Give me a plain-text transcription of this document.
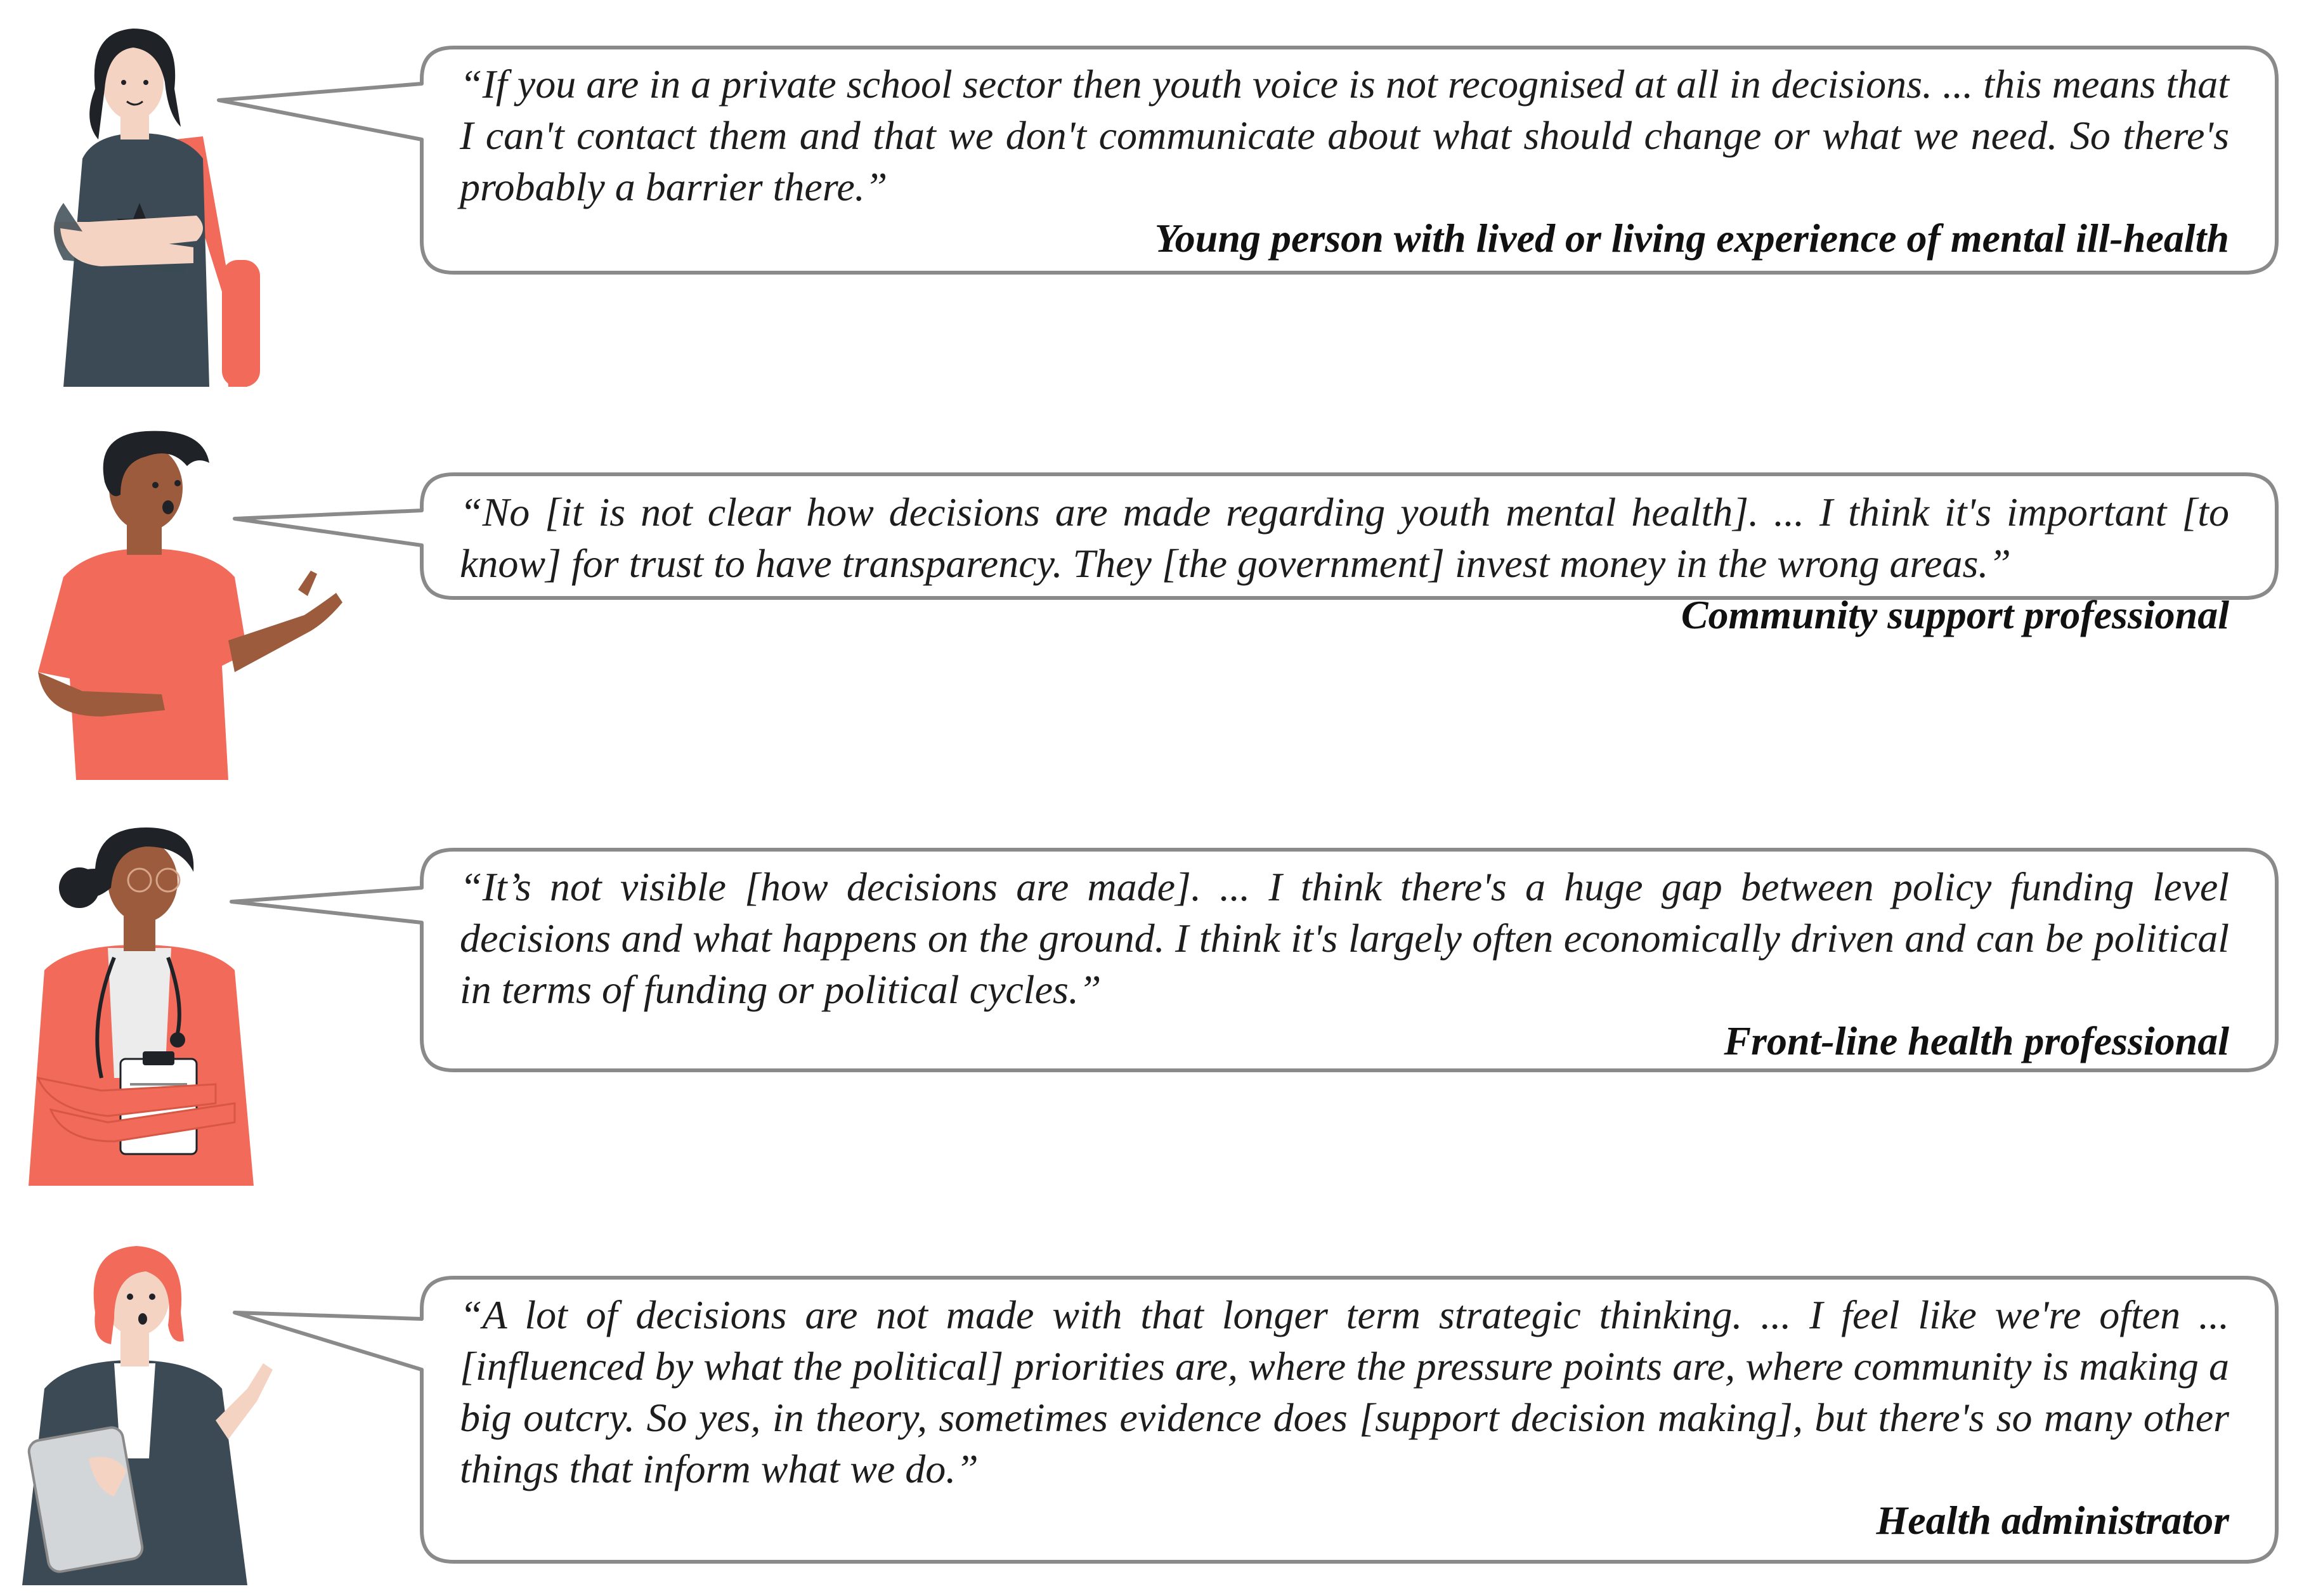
“If you are in a private school sector then youth voice is not recognised at all in decisions. ... this means that I can't contact them and that we don't communicate about what should change or what we need. So there's probably a barrier there.”

Young person with lived or living experience of mental ill-health

“No [it is not clear how decisions are made regarding youth mental health]. ... I think it's important [to know] for trust to have transparency. They [the government] invest money in the wrong areas.”

Community support professional

“It’s not visible [how decisions are made]. ... I think there's a huge gap between policy funding level decisions and what happens on the ground. I think it's largely often economically driven and can be political in terms of funding or political cycles.”

Front-line health professional

“A lot of decisions are not made with that longer term strategic thinking. ... I feel like we're often ... [influenced by what the political] priorities are, where the pressure points are, where community is making a big outcry. So yes, in theory, sometimes evidence does [support decision making], but there's so many other things that inform what we do.”

Health administrator
